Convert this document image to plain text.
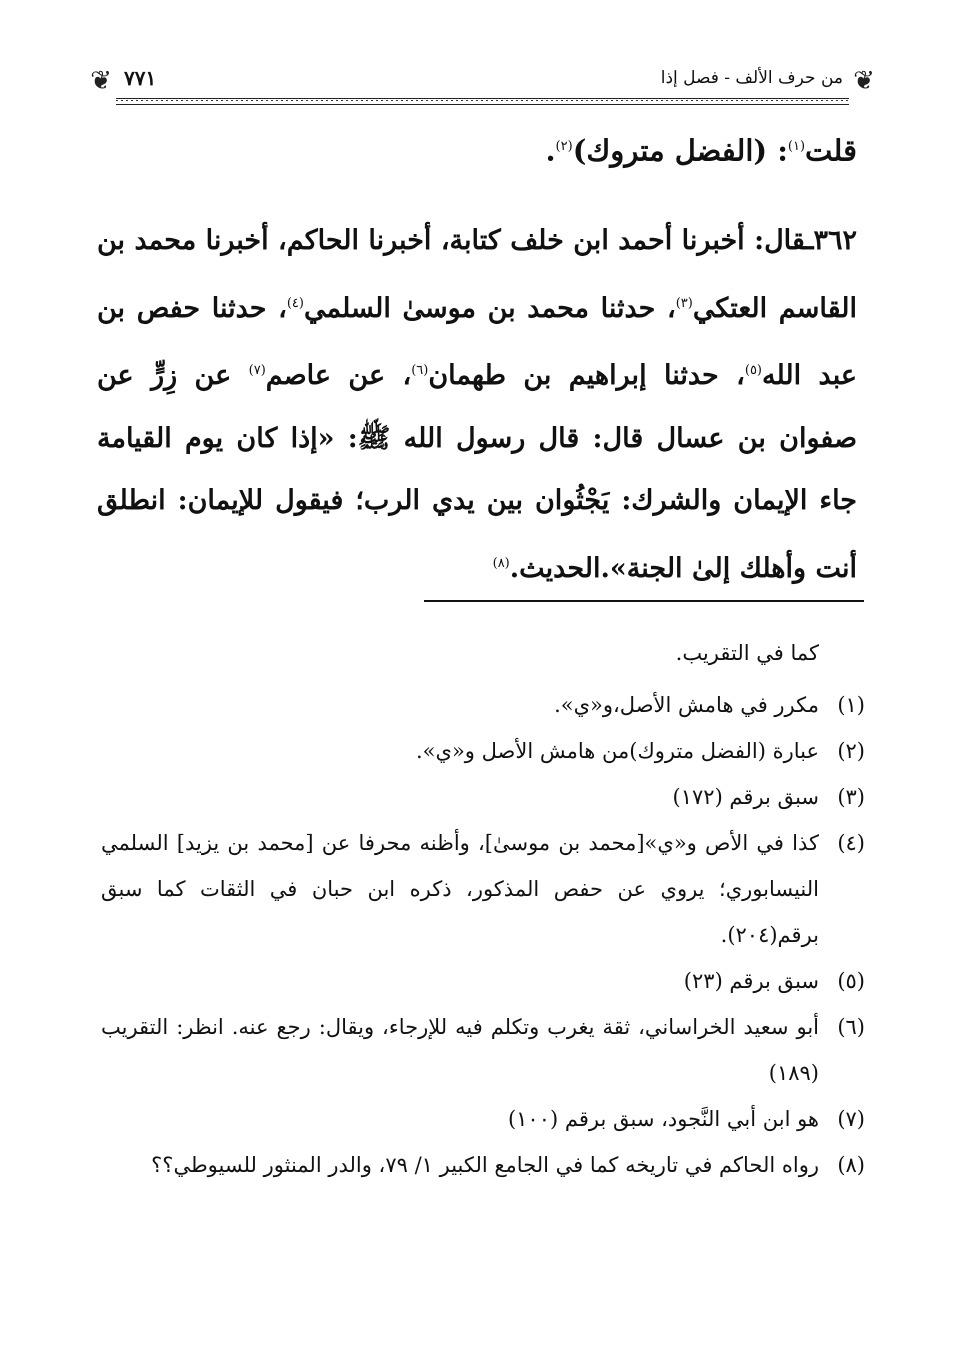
❦
من حرف الألف - فصل إذا
٧٧١
❦
قلت$^{(١)}$: (الفضل متروك)$^{(٢)}$.
٣٦٢ـقال: أخبرنا أحمد ابن خلف كتابة، أخبرنا الحاكم، أخبرنا محمد بن القاسم العتكي$^{(٣)}$، حدثنا محمد بن موسىٰ السلمي$^{(٤)}$، حدثنا حفص بن عبد الله$^{(٥)}$، حدثنا إبراهيم بن طهمان$^{(٦)}$، عن عاصم$^{(٧)}$ عن زِرٍّ عن صفوان بن عسال قال: قال رسول الله ﷺ: «إذا كان يوم القيامة جاء الإيمان والشرك: يَجْثُوان بين يدي الرب؛ فيقول للإيمان: انطلق أنت وأهلك إلىٰ الجنة».الحديث.$^{(٨)}$
كما في التقريب.
(١)
مكرر في هامش الأصل،و«ي».
(٢)
عبارة (الفضل متروك)من هامش الأصل و«ي».
(٣)
سبق برقم (١٧٢)
(٤)
كذا في الأص و«ي»[محمد بن موسىٰ]، وأظنه محرفا عن [محمد بن يزيد] السلمي النيسابوري؛ يروي عن حفص المذكور، ذكره ابن حبان في الثقات كما سبق برقم(٢٠٤).
(٥)
سبق برقم (٢٣)
(٦)
أبو سعيد الخراساني، ثقة يغرب وتكلم فيه للإرجاء، ويقال: رجع عنه. انظر: التقريب (١٨٩)
(٧)
هو ابن أبي النَّجود، سبق برقم (١٠٠)
(٨)
رواه الحاكم في تاريخه كما في الجامع الكبير ١/ ٧٩، والدر المنثور للسيوطي؟؟
